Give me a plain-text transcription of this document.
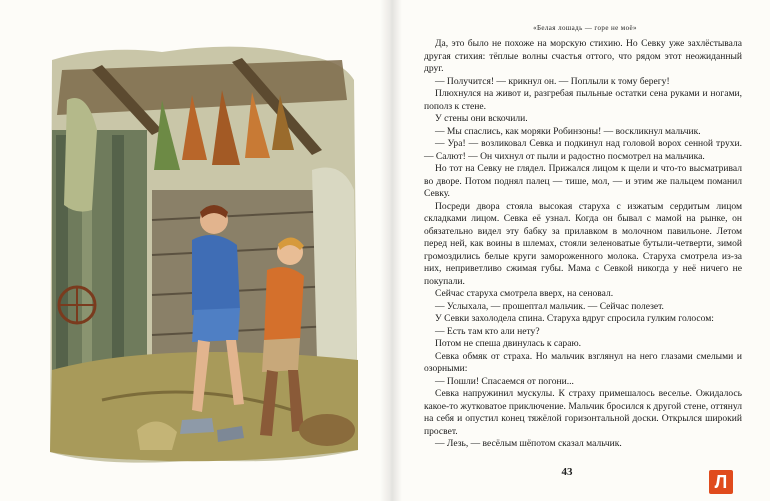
«Белая лошадь — горе не моё»

Да, это было не похоже на морскую стихию. Но Севку уже захлёстывала другая стихия: тёплые волны счастья оттого, что рядом этот неожиданный друг.

— Получится! — крикнул он. — Поплыли к тому берегу!

Плюхнулся на живот и, разгребая пыльные остатки сена руками и ногами, пополз к стене.

У стены они вскочили.

— Мы спаслись, как моряки Робинзоны! — воскликнул мальчик.

— Ура! — возликовал Севка и подкинул над головой ворох сенной трухи. — Салют! — Он чихнул от пыли и радостно посмотрел на мальчика.

Но тот на Севку не глядел. Прижался лицом к щели и что-то высматривал во дворе. Потом поднял палец — тише, мол, — и этим же пальцем поманил Севку.

Посреди двора стояла высокая старуха с изжатым сердитым лицом складками лицом. Севка её узнал. Когда он бывал с мамой на рынке, он обязательно видел эту бабку за прилавком в молочном павильоне. Летом перед ней, как воины в шлемах, стояли зеленоватые бутыли-четверти, зимой громоздились белые круги замороженного молока. Старуха смотрела из-за них, неприветливо сжимая губы. Мама с Севкой никогда у неё ничего не покупали.

Сейчас старуха смотрела вверх, на сеновал.

— Услыхала, — прошептал мальчик. — Сейчас полезет.

У Севки захолодела спина. Старуха вдруг спросила гулким голосом:

— Есть там кто али нету?

Потом не спеша двинулась к сараю.

Севка обмяк от страха. Но мальчик взглянул на него глазами смелыми и озорными:

— Пошли! Спасаемся от погони...

Севка напружинил мускулы. К страху примешалось веселье. Ожидалось какое-то жутковатое приключение. Мальчик бросился к другой стене, оттянул на себя и опустил конец тяжёлой горизонтальной доски. Открылся широкий просвет.

— Лезь, — весёлым шёпотом сказал мальчик.

43	Л
